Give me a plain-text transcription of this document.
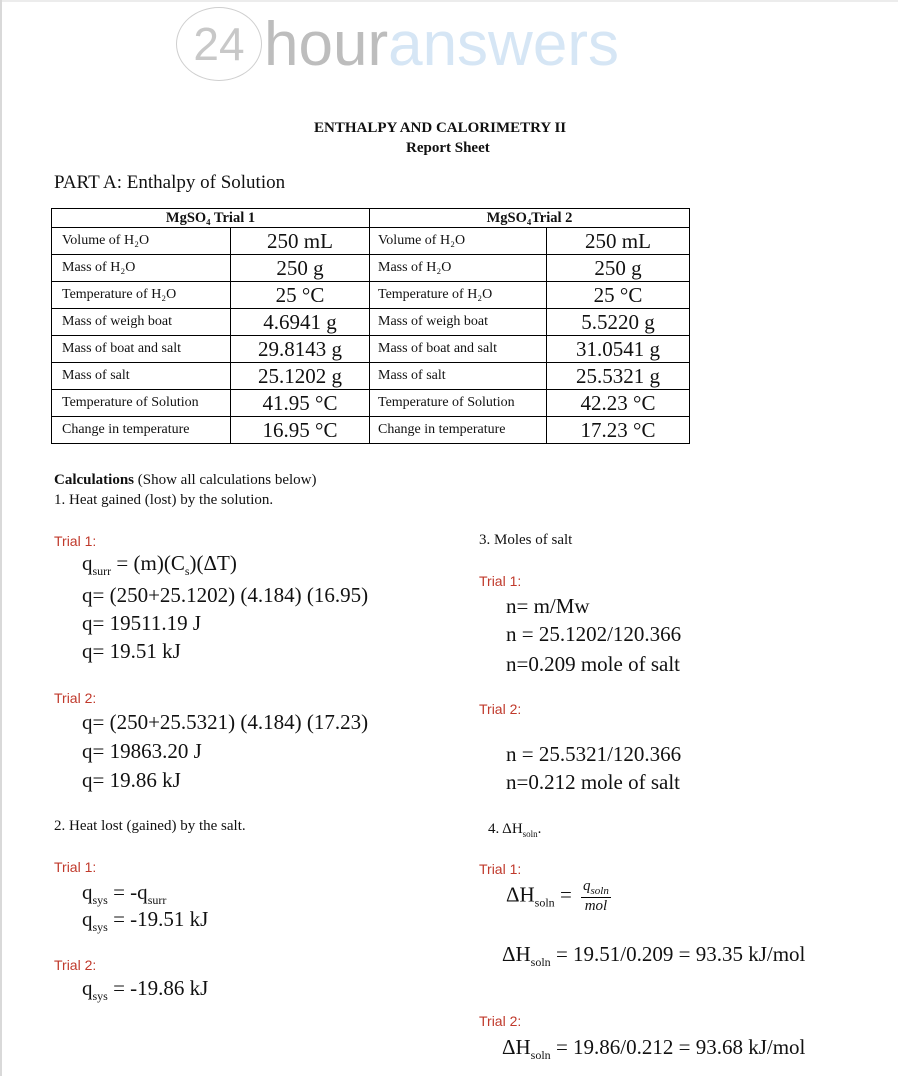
24 hour answers
ENTHALPY AND CALORIMETRY II
Report Sheet
PART A: Enthalpy of Solution
MgSO₄ Trial 1		MgSO₄Trial 2	
Volume of H₂O	250 mL	Volume of H₂O	250 mL
Mass of H₂O	250 g	Mass of H₂O	250 g
Temperature of H₂O	25 °C	Temperature of H₂O	25 °C
Mass of weigh boat	4.6941 g	Mass of weigh boat	5.5220 g
Mass of boat and salt	29.8143 g	Mass of boat and salt	31.0541 g
Mass of salt	25.1202 g	Mass of salt	25.5321 g
Temperature of Solution	41.95 °C	Temperature of Solution	42.23 °C
Change in temperature	16.95 °C	Change in temperature	17.23 °C
Calculations (Show all calculations below)
1. Heat gained (lost) by the solution.
Trial 1:
$q_{surr} = (m)(C_s)(\Delta T)$
q= (250+25.1202) (4.184) (16.95)
q= 19511.19 J
q= 19.51 kJ
Trial 2:
q= (250+25.5321) (4.184) (17.23)
q= 19863.20 J
q= 19.86 kJ
2. Heat lost (gained) by the salt.
Trial 1:
$q_{sys} = -q_{surr}$
$q_{sys} = -19.51$ kJ
Trial 2:
$q_{sys} = -19.86$ kJ
3. Moles of salt
Trial 1:
n= m/Mw
n = 25.1202/120.366
n=0.209 mole of salt
Trial 2:
n = 25.5321/120.366
n=0.212 mole of salt
4. $\Delta H_{soln}$.
Trial 1:
$\Delta H_{soln} = \frac{q_{soln}}{\text{mol}}$
$\Delta H_{soln} = 19.51/0.209 = 93.35$ kJ/mol
Trial 2:
$\Delta H_{soln} = 19.86/0.212 = 93.68$ kJ/mol
